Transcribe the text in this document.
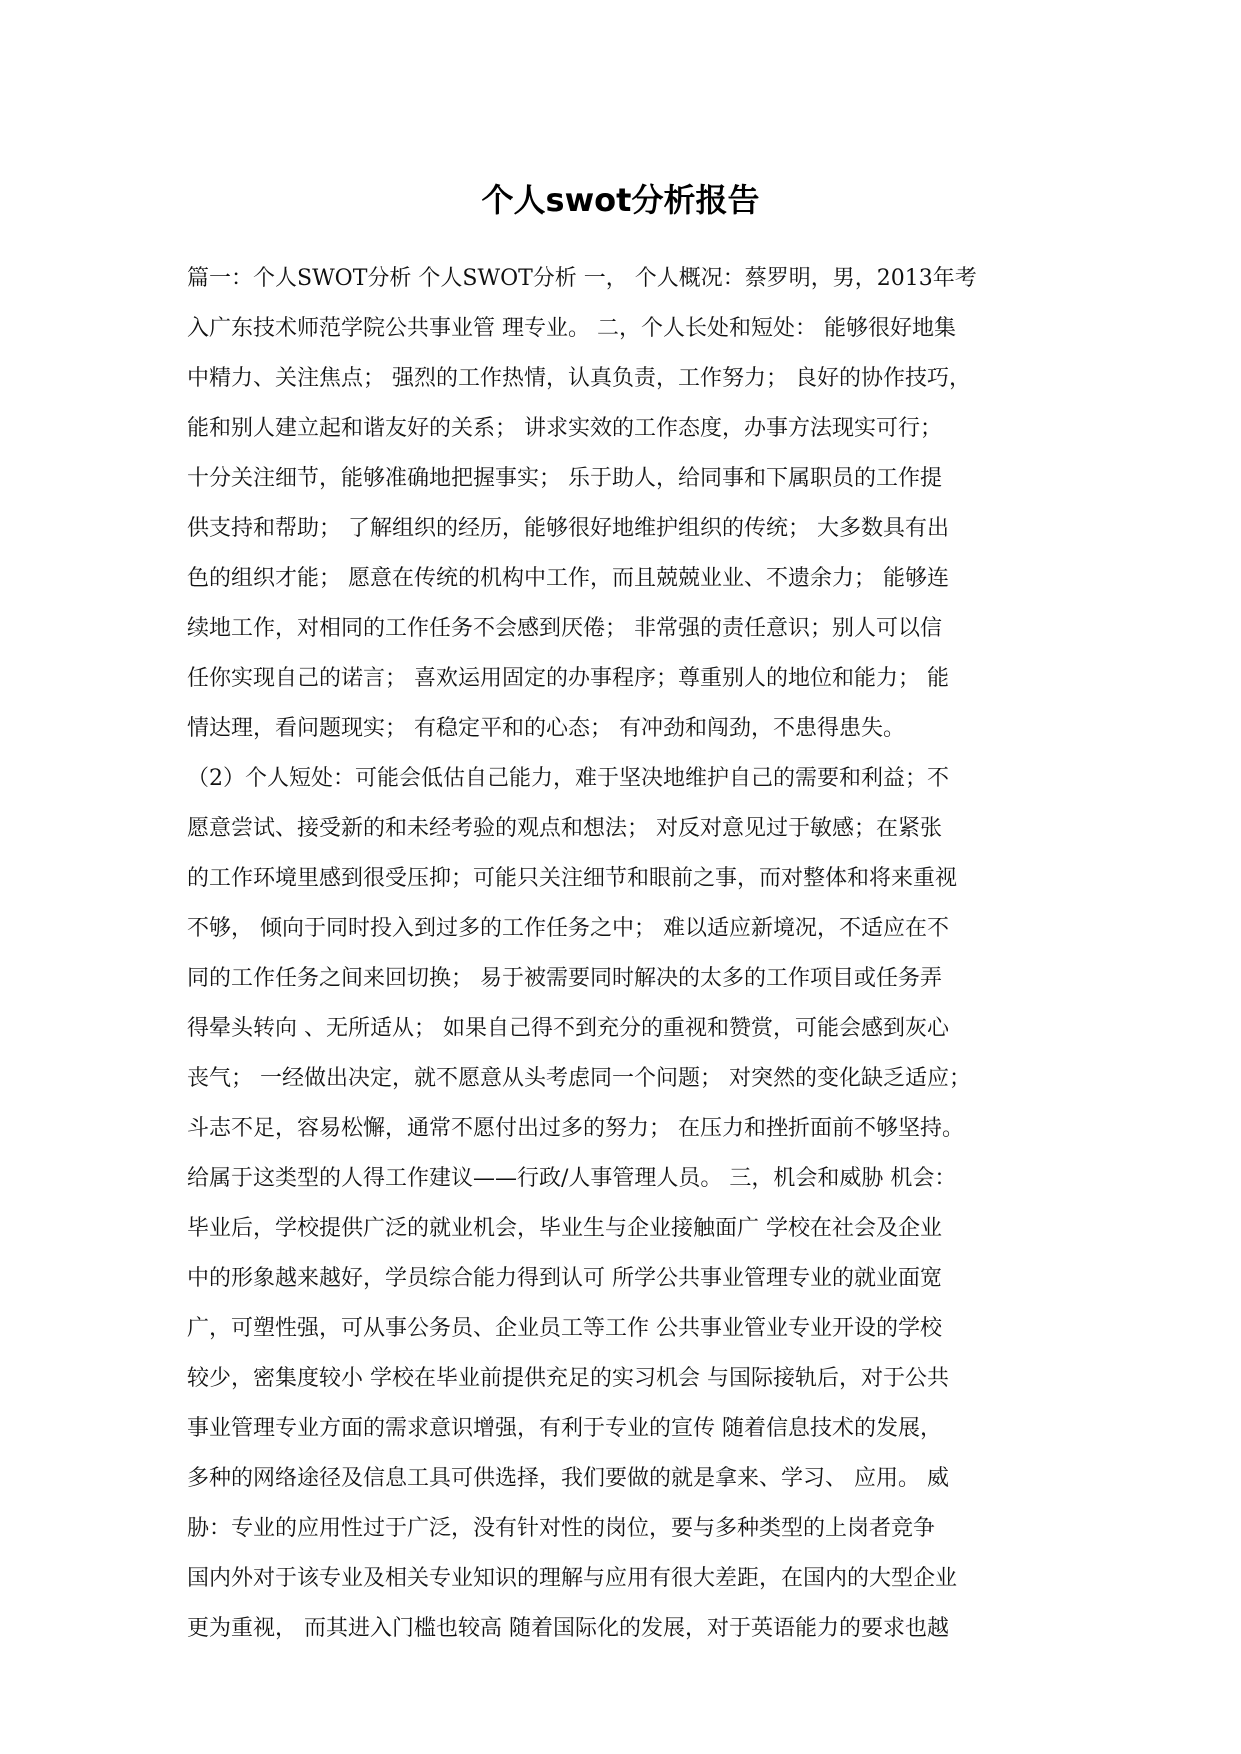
个人swot分析报告
篇一：个人SWOT分析 个人SWOT分析 一， 个人概况：蔡罗明，男，2013年考
入广东技术师范学院公共事业管 理专业。 二，个人长处和短处： 能够很好地集
中精力、关注焦点； 强烈的工作热情，认真负责，工作努力； 良好的协作技巧，
能和别人建立起和谐友好的关系； 讲求实效的工作态度，办事方法现实可行；
十分关注细节，能够准确地把握事实； 乐于助人，给同事和下属职员的工作提
供支持和帮助； 了解组织的经历，能够很好地维护组织的传统； 大多数具有出
色的组织才能； 愿意在传统的机构中工作，而且兢兢业业、不遗余力； 能够连
续地工作，对相同的工作任务不会感到厌倦； 非常强的责任意识；别人可以信
任你实现自己的诺言； 喜欢运用固定的办事程序；尊重别人的地位和能力； 能
情达理，看问题现实； 有稳定平和的心态； 有冲劲和闯劲，不患得患失。
（2）个人短处：可能会低估自己能力，难于坚决地维护自己的需要和利益；不
愿意尝试、接受新的和未经考验的观点和想法； 对反对意见过于敏感；在紧张
的工作环境里感到很受压抑；可能只关注细节和眼前之事，而对整体和将来重视
不够， 倾向于同时投入到过多的工作任务之中； 难以适应新境况，不适应在不
同的工作任务之间来回切换； 易于被需要同时解决的太多的工作项目或任务弄
得晕头转向 、无所适从； 如果自己得不到充分的重视和赞赏，可能会感到灰心
丧气； 一经做出决定，就不愿意从头考虑同一个问题； 对突然的变化缺乏适应；
斗志不足，容易松懈，通常不愿付出过多的努力； 在压力和挫折面前不够坚持。
给属于这类型的人得工作建议——行政/人事管理人员。 三，机会和威胁 机会：
毕业后，学校提供广泛的就业机会，毕业生与企业接触面广 学校在社会及企业
中的形象越来越好，学员综合能力得到认可 所学公共事业管理专业的就业面宽
广，可塑性强，可从事公务员、企业员工等工作 公共事业管业专业开设的学校
较少，密集度较小 学校在毕业前提供充足的实习机会 与国际接轨后，对于公共
事业管理专业方面的需求意识增强，有利于专业的宣传 随着信息技术的发展，
多种的网络途径及信息工具可供选择，我们要做的就是拿来、学习、 应用。 威
胁：专业的应用性过于广泛，没有针对性的岗位，要与多种类型的上岗者竞争
国内外对于该专业及相关专业知识的理解与应用有很大差距，在国内的大型企业
更为重视， 而其进入门槛也较高 随着国际化的发展，对于英语能力的要求也越
